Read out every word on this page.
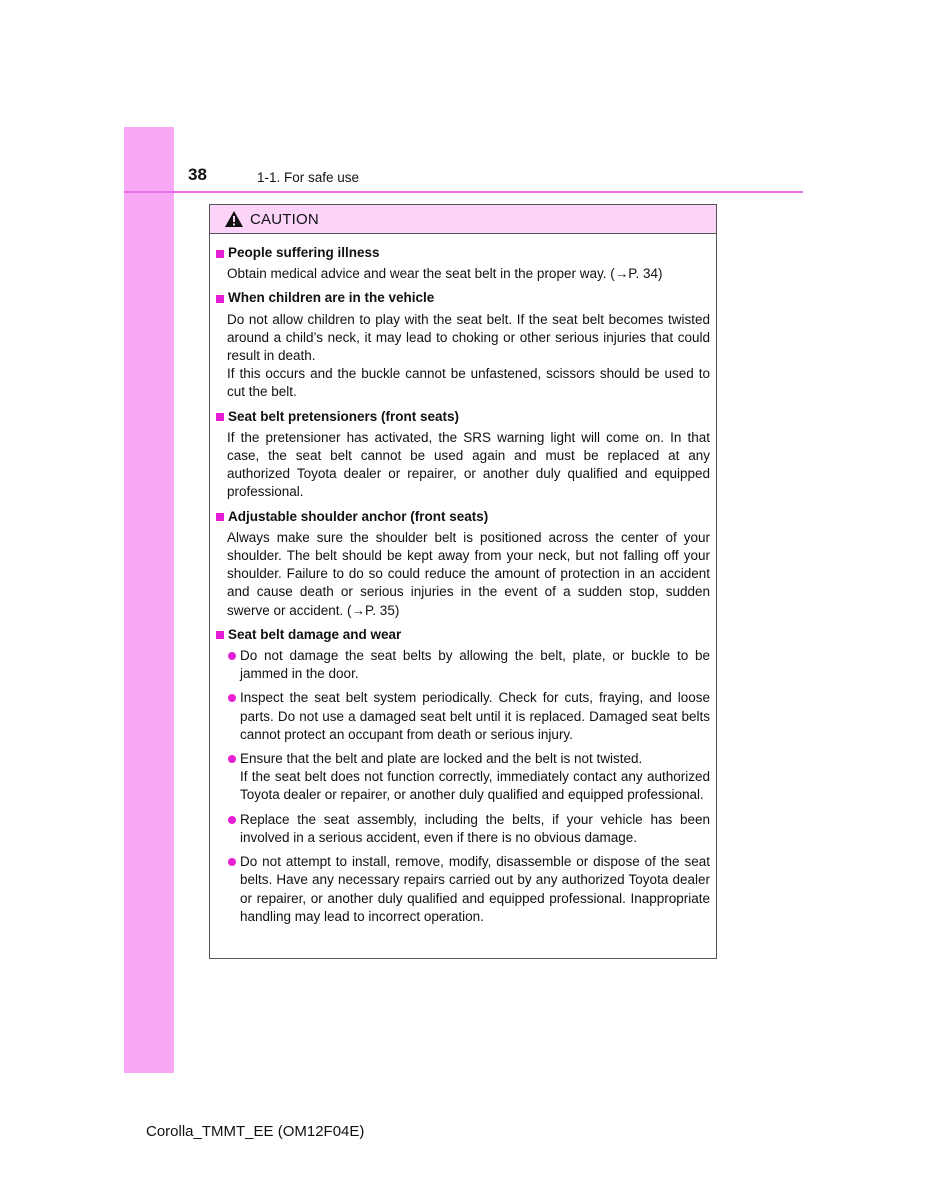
38	1-1. For safe use
CAUTION
People suffering illness
Obtain medical advice and wear the seat belt in the proper way. (→P. 34)
When children are in the vehicle
Do not allow children to play with the seat belt. If the seat belt becomes twisted around a child’s neck, it may lead to choking or other serious injuries that could result in death.
If this occurs and the buckle cannot be unfastened, scissors should be used to cut the belt.
Seat belt pretensioners (front seats)
If the pretensioner has activated, the SRS warning light will come on. In that case, the seat belt cannot be used again and must be replaced at any authorized Toyota dealer or repairer, or another duly qualified and equipped professional.
Adjustable shoulder anchor (front seats)
Always make sure the shoulder belt is positioned across the center of your shoulder. The belt should be kept away from your neck, but not falling off your shoulder. Failure to do so could reduce the amount of protection in an accident and cause death or serious injuries in the event of a sudden stop, sudden swerve or accident. (→P. 35)
Seat belt damage and wear
Do not damage the seat belts by allowing the belt, plate, or buckle to be jammed in the door.
Inspect the seat belt system periodically. Check for cuts, fraying, and loose parts. Do not use a damaged seat belt until it is replaced. Damaged seat belts cannot protect an occupant from death or serious injury.
Ensure that the belt and plate are locked and the belt is not twisted.
If the seat belt does not function correctly, immediately contact any authorized Toyota dealer or repairer, or another duly qualified and equipped professional.
Replace the seat assembly, including the belts, if your vehicle has been involved in a serious accident, even if there is no obvious damage.
Do not attempt to install, remove, modify, disassemble or dispose of the seat belts. Have any necessary repairs carried out by any authorized Toyota dealer or repairer, or another duly qualified and equipped professional. Inappropriate handling may lead to incorrect operation.
Corolla_TMMT_EE (OM12F04E)
